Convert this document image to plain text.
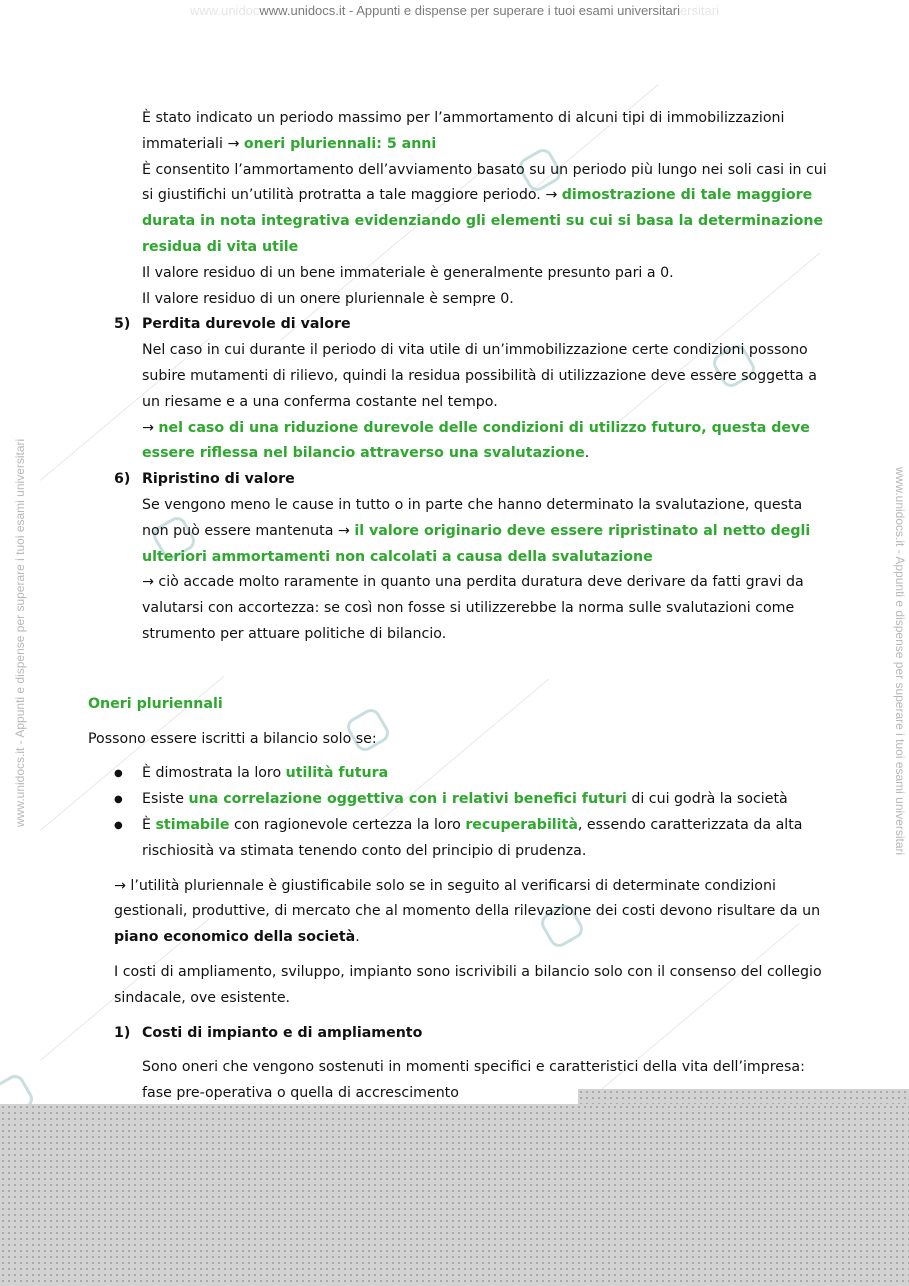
www.unidocwww.unidocs.it - Appunti e dispense per superare i tuoi esami universitariersitari
www.unidocs.it - Appunti e dispense per superare i tuoi esami universitari	www.unidocs.it - Appunti e dispense per superare i tuoi esami universitari
È stato indicato un periodo massimo per l’ammortamento di alcuni tipi di immobilizzazioni immateriali → oneri pluriennali: 5 anni
È consentito l’ammortamento dell’avviamento basato su un periodo più lungo nei soli casi in cui si giustifichi un’utilità protratta a tale maggiore periodo. → dimostrazione di tale maggiore durata in nota integrativa evidenziando gli elementi su cui si basa la determinazione residua di vita utile
Il valore residuo di un bene immateriale è generalmente presunto pari a 0.
Il valore residuo di un onere pluriennale è sempre 0.
5) Perdita durevole di valore
Nel caso in cui durante il periodo di vita utile di un’immobilizzazione certe condizioni possono subire mutamenti di rilievo, quindi la residua possibilità di utilizzazione deve essere soggetta a un riesame e a una conferma costante nel tempo.
→ nel caso di una riduzione durevole delle condizioni di utilizzo futuro, questa deve essere riflessa nel bilancio attraverso una svalutazione.
6) Ripristino di valore
Se vengono meno le cause in tutto o in parte che hanno determinato la svalutazione, questa non può essere mantenuta → il valore originario deve essere ripristinato al netto degli ulteriori ammortamenti non calcolati a causa della svalutazione
→ ciò accade molto raramente in quanto una perdita duratura deve derivare da fatti gravi da valutarsi con accortezza: se così non fosse si utilizzerebbe la norma sulle svalutazioni come strumento per attuare politiche di bilancio.
Oneri pluriennali
Possono essere iscritti a bilancio solo se:
● È dimostrata la loro utilità futura
● Esiste una correlazione oggettiva con i relativi benefici futuri di cui godrà la società
● È stimabile con ragionevole certezza la loro recuperabilità, essendo caratterizzata da alta rischiosità va stimata tenendo conto del principio di prudenza.
→ l’utilità pluriennale è giustificabile solo se in seguito al verificarsi di determinate condizioni gestionali, produttive, di mercato che al momento della rilevazione dei costi devono risultare da un piano economico della società.
I costi di ampliamento, sviluppo, impianto sono iscrivibili a bilancio solo con il consenso del collegio sindacale, ove esistente.
1) Costi di impianto e di ampliamento
Sono oneri che vengono sostenuti in momenti specifici e caratteristici della vita dell’impresa: fase pre-operativa o quella di accrescimento
